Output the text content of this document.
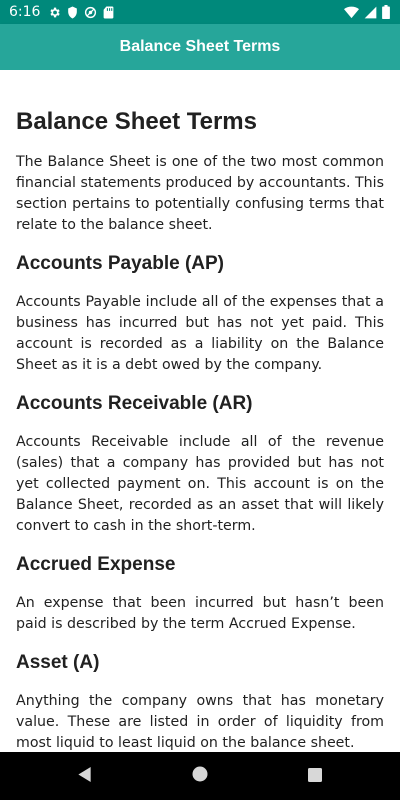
6:16
Balance Sheet Terms
Balance Sheet Terms

The Balance Sheet is one of the two most common financial statements produced by accountants. This section pertains to potentially confusing terms that relate to the balance sheet.

Accounts Payable (AP)

Accounts Payable include all of the expenses that a business has incurred but has not yet paid. This account is recorded as a liability on the Balance Sheet as it is a debt owed by the company.

Accounts Receivable (AR)

Accounts Receivable include all of the revenue (sales) that a company has provided but has not yet collected payment on. This account is on the Balance Sheet, recorded as an asset that will likely convert to cash in the short-term.

Accrued Expense

An expense that been incurred but hasn’t been paid is described by the term Accrued Expense.

Asset (A)

Anything the company owns that has monetary value. These are listed in order of liquidity from most liquid to least liquid on the balance sheet.
